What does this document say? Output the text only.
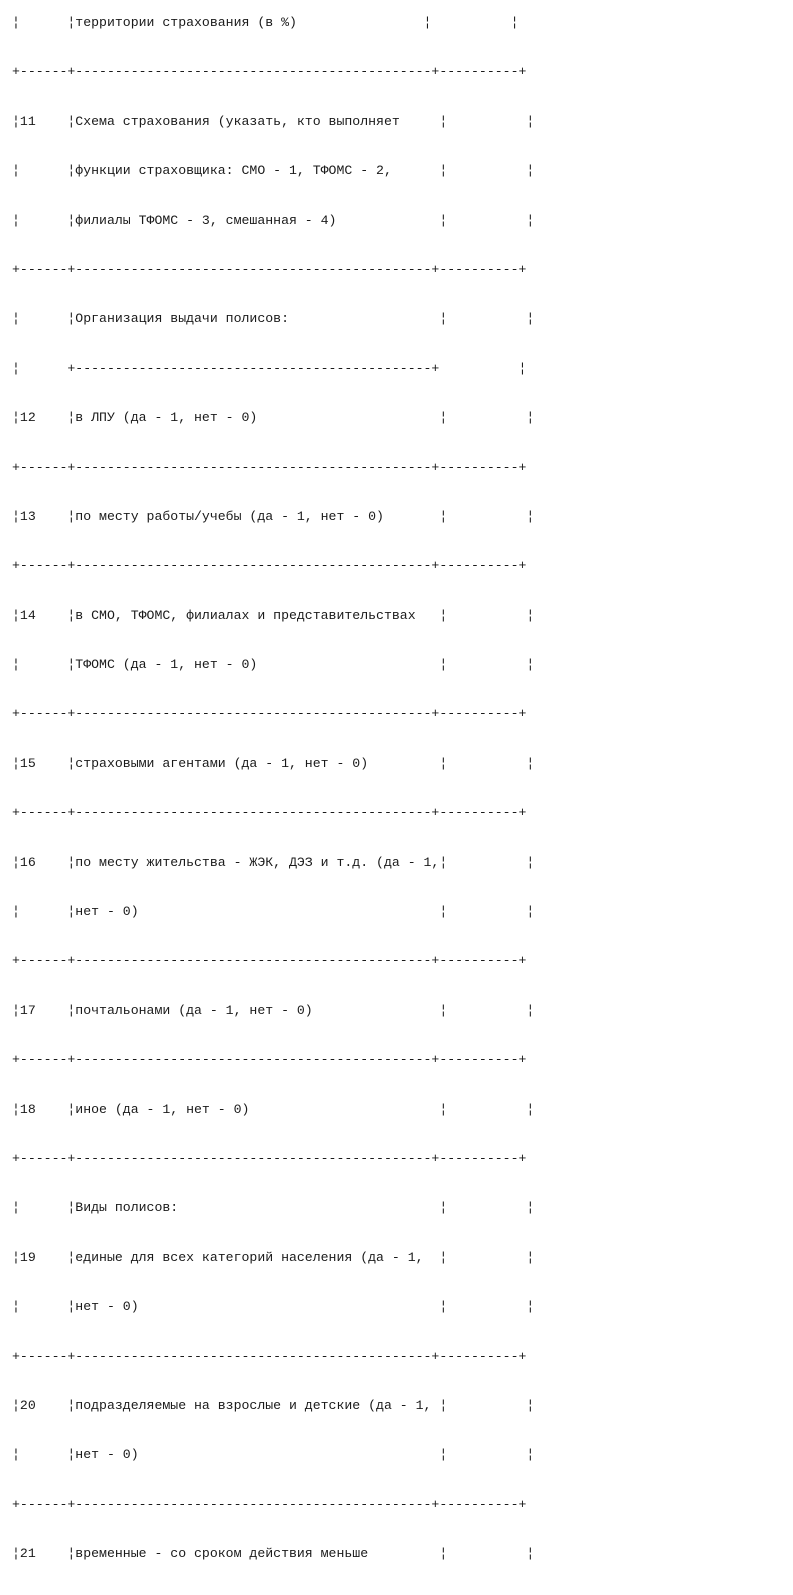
¦      ¦территории страхования (в %)                ¦          ¦

+------+---------------------------------------------+----------+

¦11    ¦Схема страхования (указать, кто выполняет     ¦          ¦

¦      ¦функции страховщика: СМО - 1, ТФОМС - 2,      ¦          ¦

¦      ¦филиалы ТФОМС - 3, смешанная - 4)             ¦          ¦

+------+---------------------------------------------+----------+

¦      ¦Организация выдачи полисов:                   ¦          ¦

¦      +---------------------------------------------+          ¦

¦12    ¦в ЛПУ (да - 1, нет - 0)                       ¦          ¦

+------+---------------------------------------------+----------+

¦13    ¦по месту работы/учебы (да - 1, нет - 0)       ¦          ¦

+------+---------------------------------------------+----------+

¦14    ¦в СМО, ТФОМС, филиалах и представительствах   ¦          ¦

¦      ¦ТФОМС (да - 1, нет - 0)                       ¦          ¦

+------+---------------------------------------------+----------+

¦15    ¦страховыми агентами (да - 1, нет - 0)         ¦          ¦

+------+---------------------------------------------+----------+

¦16    ¦по месту жительства - ЖЭК, ДЭЗ и т.д. (да - 1,¦          ¦

¦      ¦нет - 0)                                      ¦          ¦

+------+---------------------------------------------+----------+

¦17    ¦почтальонами (да - 1, нет - 0)                ¦          ¦

+------+---------------------------------------------+----------+

¦18    ¦иное (да - 1, нет - 0)                        ¦          ¦

+------+---------------------------------------------+----------+

¦      ¦Виды полисов:                                 ¦          ¦

¦19    ¦единые для всех категорий населения (да - 1,  ¦          ¦

¦      ¦нет - 0)                                      ¦          ¦

+------+---------------------------------------------+----------+

¦20    ¦подразделяемые на взрослые и детские (да - 1, ¦          ¦

¦      ¦нет - 0)                                      ¦          ¦

+------+---------------------------------------------+----------+

¦21    ¦временные - со сроком действия меньше         ¦          ¦
